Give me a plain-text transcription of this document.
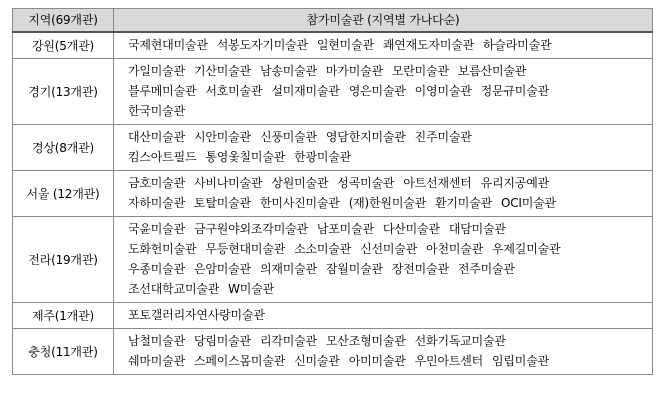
지역(69개관)	참가미술관 (지역별 가나다순)
강원(5개관)	국제현대미술관 석봉도자기미술관 일현미술관 쾌연재도자미술관 하슬라미술관

경기(13개관)	가일미술관 기산미술관 남송미술관 마가미술관 모란미술관 보름산미술관
블루메미술관 서호미술관 설미재미술관 영은미술관 이영미술관 정문규미술관
한국미술관

경상(8개관)	대산미술관 시안미술관 신풍미술관 영담한지미술관 진주미술관
킴스아트필드 통영옻칠미술관 한광미술관

서울 (12개관)	금호미술관 사비나미술관 상원미술관 성곡미술관 아트선재센터 유리지공예관
자하미술관 토탈미술관 한미사진미술관 (재)한원미술관 환기미술관 OCI미술관

전라(19개관)	국윤미술관 금구원야외조각미술관 남포미술관 다산미술관 대담미술관
도화헌미술관 무등현대미술관 소소미술관 신선미술관 아천미술관 우제길미술관
우종미술관 은암미술관 의재미술관 잠월미술관 장전미술관 전주미술관
조선대학교미술관 W미술관

제주(1개관)	포토갤러리자연사랑미술관

충청(11개관)	남철미술관 당림미술관 리각미술관 모산조형미술관 선화기독교미술관
쉐마미술관 스페이스몸미술관 신미술관 아미미술관 우민아트센터 임립미술관
